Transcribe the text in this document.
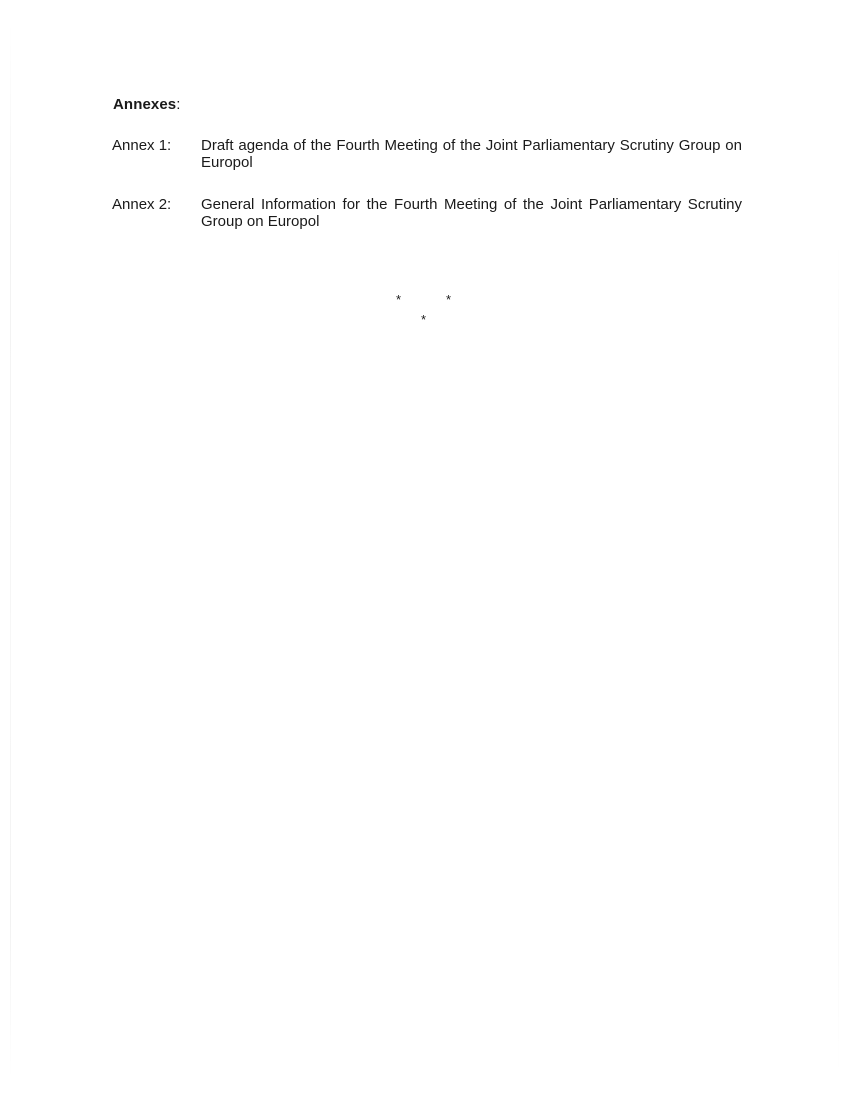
Annexes:
Annex 1:	Draft agenda of the Fourth Meeting of the Joint Parliamentary Scrutiny Group on Europol
Annex 2:	General Information for the Fourth Meeting of the Joint Parliamentary Scrutiny Group on Europol
*	*
*
